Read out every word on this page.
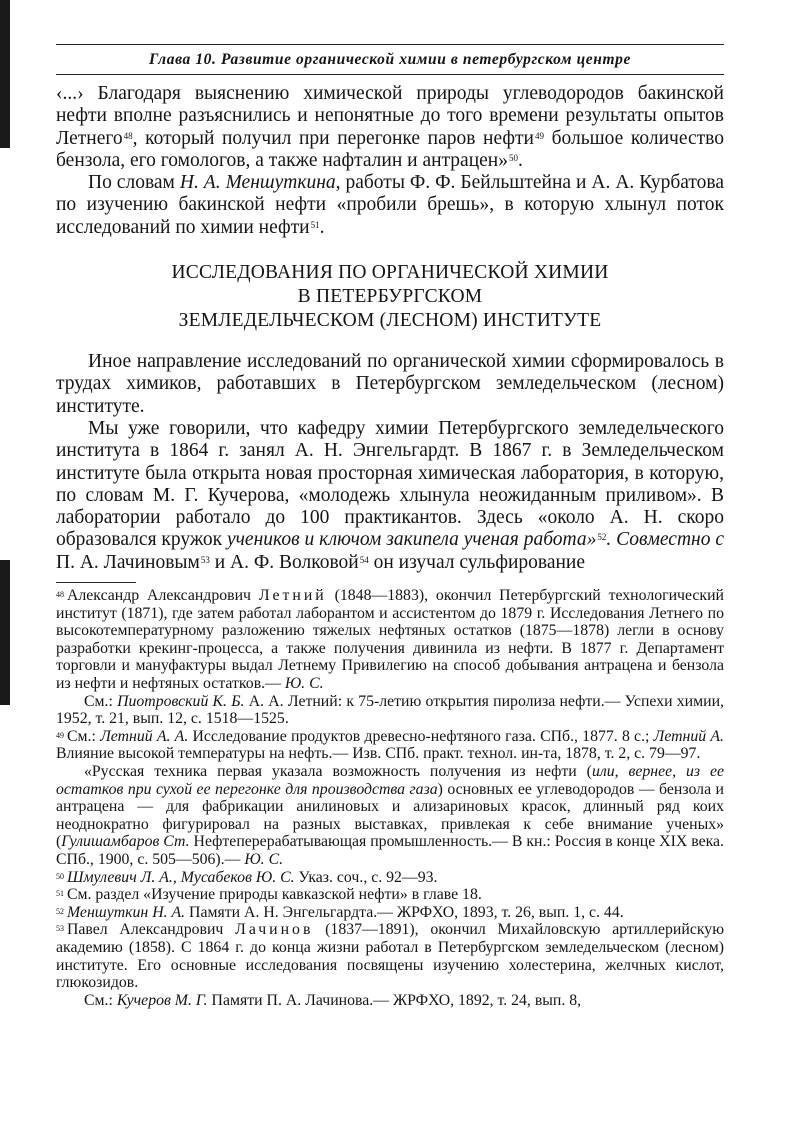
Глава 10. Развитие органической химии в петербургском центре

‹...› Благодаря выяснению химической природы углеводородов бакинской нефти вполне разъяснились и непонятные до того времени результаты опытов Летнего$^{48}$, который получил при перегонке паров нефти$^{49}$ большое количество бензола, его гомологов, а также нафталин и антрацен»$^{50}$.

По словам Н. А. Меншуткина, работы Ф. Ф. Бейльштейна и А. А. Курбатова по изучению бакинской нефти «пробили брешь», в которую хлынул поток исследований по химии нефти$^{51}$.

ИССЛЕДОВАНИЯ ПО ОРГАНИЧЕСКОЙ ХИМИИ
В ПЕТЕРБУРГСКОМ
ЗЕМЛЕДЕЛЬЧЕСКОМ (ЛЕСНОМ) ИНСТИТУТЕ

Иное направление исследований по органической химии сформировалось в трудах химиков, работавших в Петербургском земледельческом (лесном) институте.

Мы уже говорили, что кафедру химии Петербургского земледельческого института в 1864 г. занял А. Н. Энгельгардт. В 1867 г. в Земледельческом институте была открыта новая просторная химическая лаборатория, в которую, по словам М. Г. Кучерова, «молодежь хлынула неожиданным приливом». В лаборатории работало до 100 практикантов. Здесь «около А. Н. скоро образовался кружок учеников и ключом закипела ученая работа»$^{52}$. Совместно с П. А. Лачиновым$^{53}$ и А. Ф. Волковой$^{54}$ он изучал сульфирование

$^{48}$ Александр Александрович Летний (1848—1883), окончил Петербургский технологический институт (1871), где затем работал лаборантом и ассистентом до 1879 г. Исследования Летнего по высокотемпературному разложению тяжелых нефтяных остатков (1875—1878) легли в основу разработки крекинг-процесса, а также получения дивинила из нефти. В 1877 г. Департамент торговли и мануфактуры выдал Летнему Привилегию на способ добывания антрацена и бензола из нефти и нефтяных остатков.— Ю. С.

См.: Пиотровский К. Б. А. А. Летний: к 75-летию открытия пиролиза нефти.— Успехи химии, 1952, т. 21, вып. 12, с. 1518—1525.

$^{49}$ См.: Летний А. А. Исследование продуктов древесно-нефтяного газа. СПб., 1877. 8 с.; Летний А. Влияние высокой температуры на нефть.— Изв. СПб. практ. технол. ин-та, 1878, т. 2, с. 79—97.

«Русская техника первая указала возможность получения из нефти (или, вернее, из ее остатков при сухой ее перегонке для производства газа) основных ее углеводородов — бензола и антрацена — для фабрикации анилиновых и ализариновых красок, длинный ряд коих неоднократно фигурировал на разных выставках, привлекая к себе внимание ученых» (Гулишамбаров Ст. Нефтеперерабатывающая промышленность.— В кн.: Россия в конце XIX века. СПб., 1900, с. 505—506).— Ю. С.

$^{50}$ Шмулевич Л. А., Мусабеков Ю. С. Указ. соч., с. 92—93.

$^{51}$ См. раздел «Изучение природы кавказской нефти» в главе 18.

$^{52}$ Меншуткин Н. А. Памяти А. Н. Энгельгардта.— ЖРФХО, 1893, т. 26, вып. 1, с. 44.

$^{53}$ Павел Александрович Лачинов (1837—1891), окончил Михайловскую артиллерийскую академию (1858). С 1864 г. до конца жизни работал в Петербургском земледельческом (лесном) институте. Его основные исследования посвящены изучению холестерина, желчных кислот, глюкозидов.

См.: Кучеров М. Г. Памяти П. А. Лачинова.— ЖРФХО, 1892, т. 24, вып. 8,
